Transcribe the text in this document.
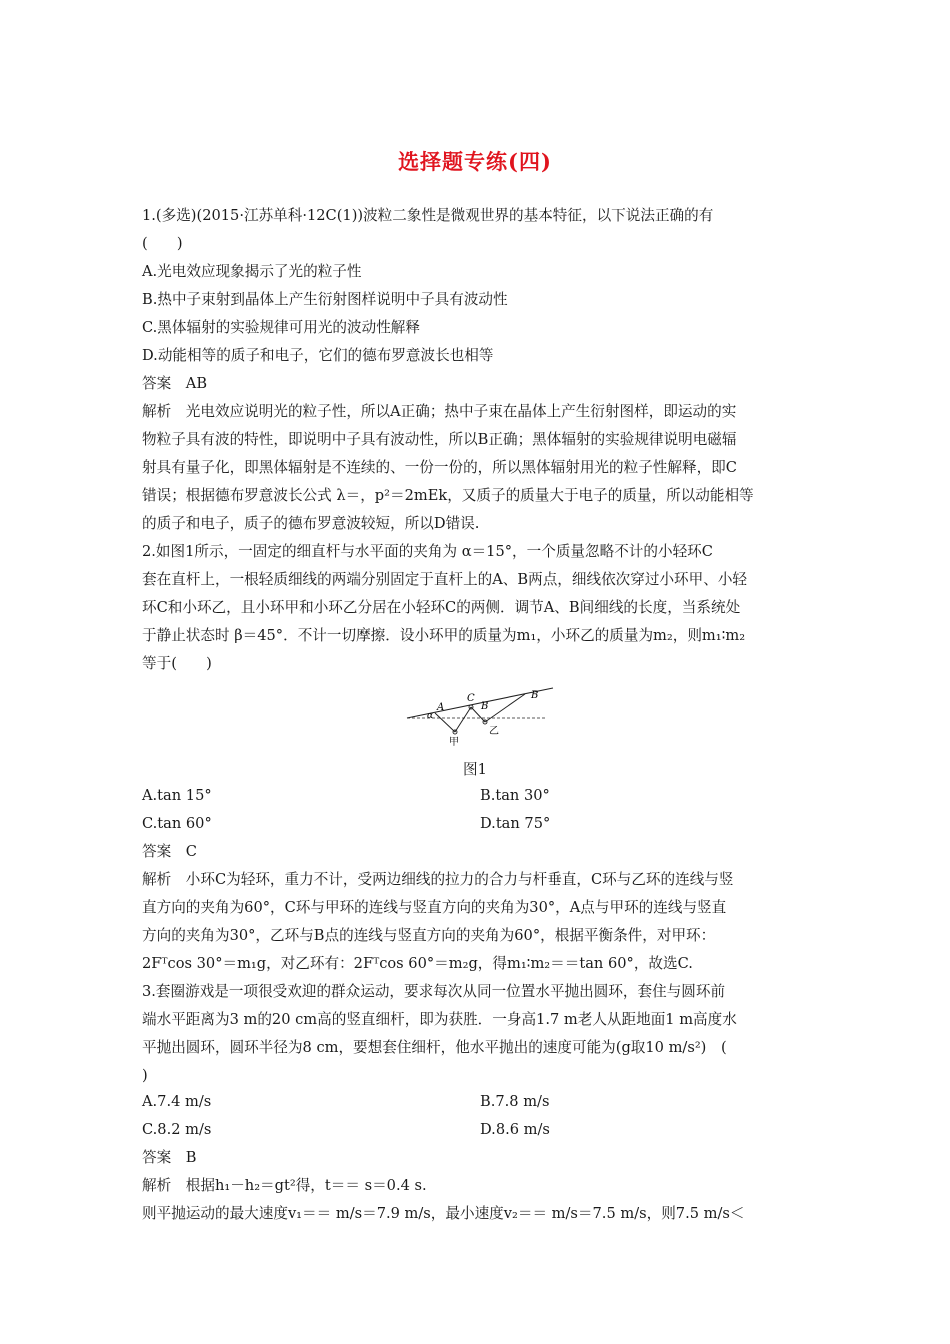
选择题专练(四)
1.(多选)(2015·江苏单科·12C(1))波粒二象性是微观世界的基本特征，以下说法正确的有
(　　)
A.光电效应现象揭示了光的粒子性
B.热中子束射到晶体上产生衍射图样说明中子具有波动性
C.黑体辐射的实验规律可用光的波动性解释
D.动能相等的质子和电子，它们的德布罗意波长也相等
答案　AB
解析　光电效应说明光的粒子性，所以A正确；热中子束在晶体上产生衍射图样，即运动的实
物粒子具有波的特性，即说明中子具有波动性，所以B正确；黑体辐射的实验规律说明电磁辐
射具有量子化，即黑体辐射是不连续的、一份一份的，所以黑体辐射用光的粒子性解释，即C
错误；根据德布罗意波长公式 λ＝，p²＝2mEk，又质子的质量大于电子的质量，所以动能相等
的质子和电子，质子的德布罗意波较短，所以D错误.
2.如图1所示，一固定的细直杆与水平面的夹角为 α＝15°，一个质量忽略不计的小轻环C
套在直杆上，一根轻质细线的两端分别固定于直杆上的A、B两点，细线依次穿过小环甲、小轻
环C和小环乙，且小环甲和小环乙分居在小轻环C的两侧．调节A、B间细线的长度，当系统处
于静止状态时 β＝45°．不计一切摩擦．设小环甲的质量为m₁，小环乙的质量为m₂，则m₁∶m₂
等于(　　)
A
α
C
B
B
甲
乙
图1
A.tan 15°	B.tan 30°
C.tan 60°	D.tan 75°
答案　C
解析　小环C为轻环，重力不计，受两边细线的拉力的合力与杆垂直，C环与乙环的连线与竖
直方向的夹角为60°，C环与甲环的连线与竖直方向的夹角为30°，A点与甲环的连线与竖直
方向的夹角为30°，乙环与B点的连线与竖直方向的夹角为60°，根据平衡条件，对甲环：
2Fᵀcos 30°＝m₁g，对乙环有：2Fᵀcos 60°＝m₂g，得m₁∶m₂＝＝tan 60°，故选C.
3.套圈游戏是一项很受欢迎的群众运动，要求每次从同一位置水平抛出圆环，套住与圆环前
端水平距离为3 m的20 cm高的竖直细杆，即为获胜．一身高1.7 m老人从距地面1 m高度水
平抛出圆环，圆环半径为8 cm，要想套住细杆，他水平抛出的速度可能为(g取10 m/s²)　(
)
A.7.4 m/s	B.7.8 m/s
C.8.2 m/s	D.8.6 m/s
答案　B
解析　根据h₁－h₂＝gt²得，t＝＝ s＝0.4 s.
则平抛运动的最大速度v₁＝＝ m/s＝7.9 m/s，最小速度v₂＝＝ m/s＝7.5 m/s，则7.5 m/s＜
